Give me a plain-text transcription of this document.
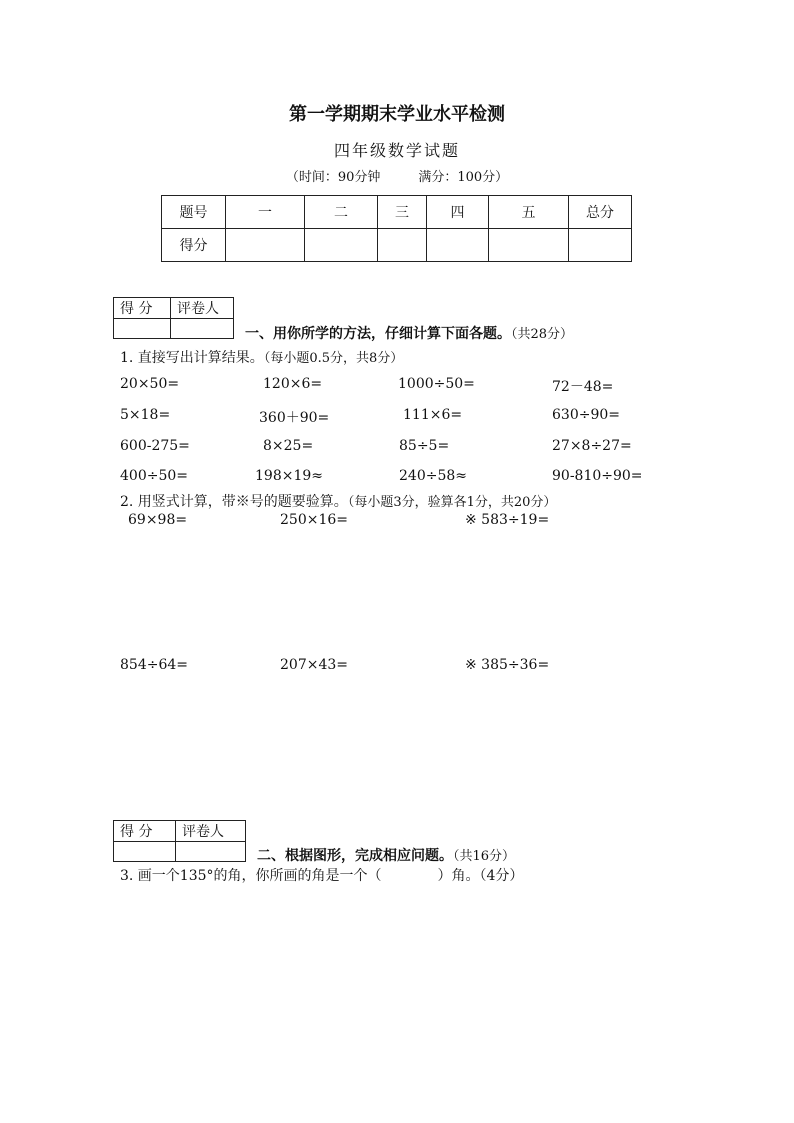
第一学期期末学业水平检测
四年级数学试题
（时间：90分钟	满分：100分）
题号	一	二	三	四	五	总分
得分						
得 分	评卷人

一、用你所学的方法，仔细计算下面各题。（共28分）
1. 直接写出计算结果。（每小题0.5分，共8分）
20×50=	120×6=	1000÷50=	72－48=
5×18=	360＋90=	111×6=	630÷90=
600-275=	8×25=	85÷5=	27×8÷27=
400÷50=	198×19≈	240÷58≈	90-810÷90=
2. 用竖式计算，带※号的题要验算。（每小题3分，验算各1分，共20分）
69×98=	250×16=	※ 583÷19=
854÷64=	207×43=	※ 385÷36=
得 分	评卷人

二、根据图形，完成相应问题。（共16分）
3. 画一个135°的角，你所画的角是一个（　　　　）角。（4分）
